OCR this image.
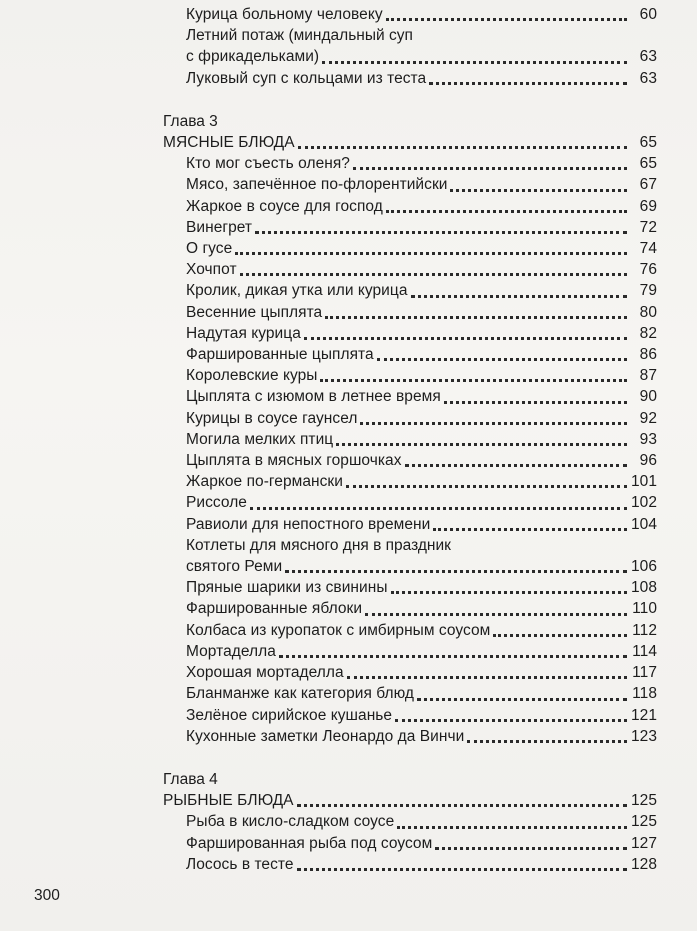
Курица больному человеку	60
Летний потаж (миндальный суп
с фрикадельками)	63
Луковый суп с кольцами из теста	63
Глава 3
МЯСНЫЕ БЛЮДА	65
Кто мог съесть оленя?	65
Мясо, запечённое по-флорентийски	67
Жаркое в соусе для господ	69
Винегрет	72
О гусе	74
Хочпот	76
Кролик, дикая утка или курица	79
Весенние цыплята	80
Надутая курица	82
Фаршированные цыплята	86
Королевские куры	87
Цыплята с изюмом в летнее время	90
Курицы в соусе гаунсел	92
Могила мелких птиц	93
Цыплята в мясных горшочках	96
Жаркое по-германски	101
Риссоле	102
Равиоли для непостного времени	104
Котлеты для мясного дня в праздник
святого Реми	106
Пряные шарики из свинины	108
Фаршированные яблоки	110
Колбаса из куропаток с имбирным соусом	112
Мортаделла	114
Хорошая мортаделла	117
Бланманже как категория блюд	118
Зелёное сирийское кушанье	121
Кухонные заметки Леонардо да Винчи	123
Глава 4
РЫБНЫЕ БЛЮДА	125
Рыба в кисло-сладком соусе	125
Фаршированная рыба под соусом	127
Лосось в тесте	128
300
